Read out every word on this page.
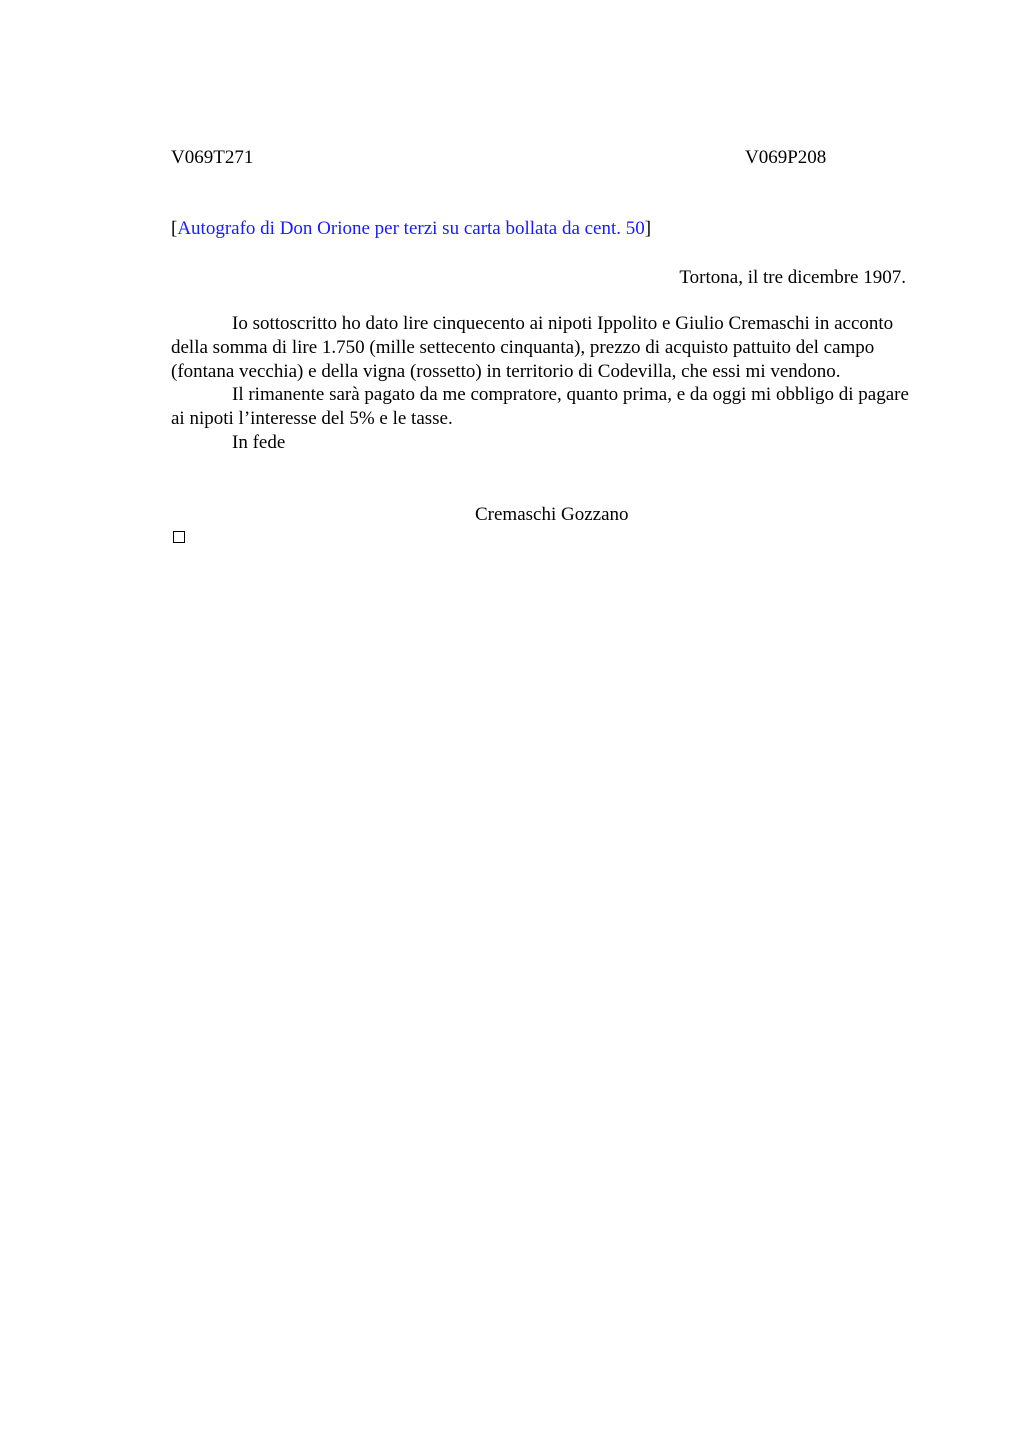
V069T271	V069P208
[Autografo di Don Orione per terzi su carta bollata da cent. 50]
Tortona, il tre dicembre 1907.

Io sottoscritto ho dato lire cinquecento ai nipoti Ippolito e Giulio Cremaschi in acconto della somma di lire 1.750 (mille settecento cinquanta), prezzo di acquisto pattuito del campo (fontana vecchia) e della vigna (rossetto) in territorio di Codevilla, che essi mi vendono.

Il rimanente sarà pagato da me compratore, quanto prima, e da oggi mi obbligo di pagare ai nipoti l’interesse del 5% e le tasse.

In fede

Cremaschi Gozzano
